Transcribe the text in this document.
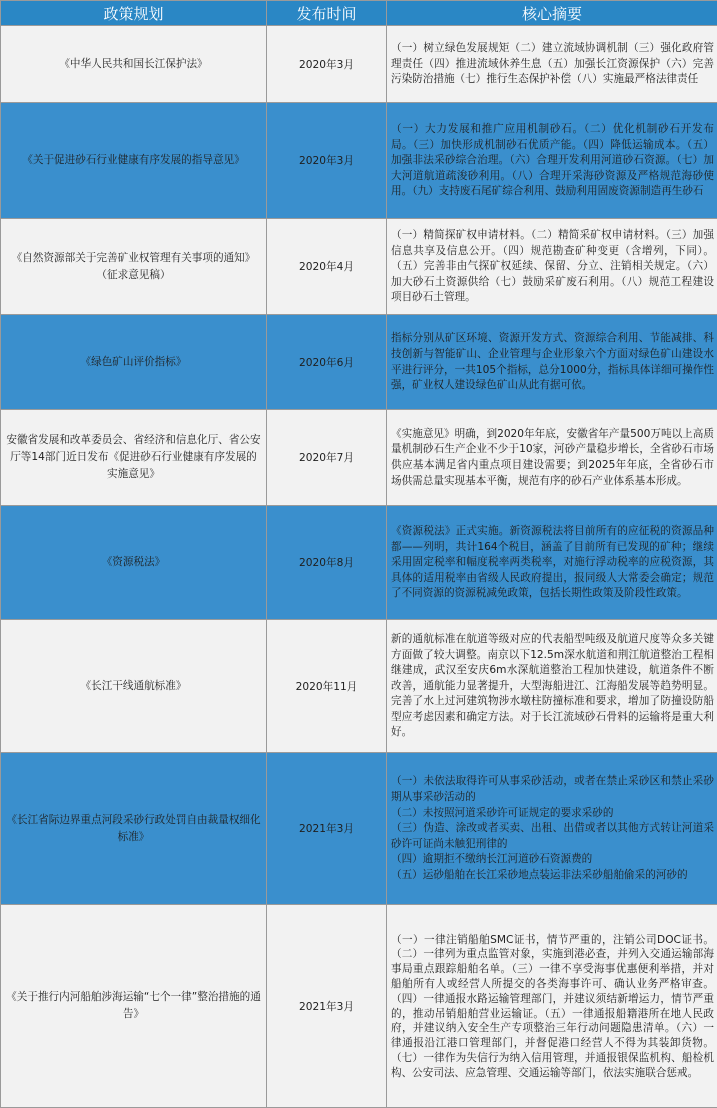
政策规划	发布时间	核心摘要
《中华人民共和国长江保护法》	2020年3月	（一）树立绿色发展规矩（二）建立流域协调机制（三）强化政府管理责任（四）推进流域休养生息（五）加强长江资源保护（六）完善污染防治措施（七）推行生态保护补偿（八）实施最严格法律责任
《关于促进砂石行业健康有序发展的指导意见》	2020年3月	（一）大力发展和推广应用机制砂石。（二）优化机制砂石开发布局。（三）加快形成机制砂石优质产能。（四）降低运输成本。（五）加强非法采砂综合治理。（六）合理开发利用河道砂石资源。（七）加大河道航道疏浚砂利用。（八）合理开采海砂资源及严格规范海砂使用。（九）支持废石尾矿综合利用、鼓励利用固废资源制造再生砂石
《自然资源部关于完善矿业权管理有关事项的通知》（征求意见稿）	2020年4月	（一）精简探矿权申请材料。（二）精简采矿权申请材料。（三）加强信息共享及信息公开。（四）规范勘查矿种变更（含增列，下同）。（五）完善非由气探矿权延续、保留、分立、注销相关规定。（六）加大砂石土资源供给（七）鼓励采矿废石利用。（八）规范工程建设项目砂石土管理。
《绿色矿山评价指标》	2020年6月	指标分别从矿区环境、资源开发方式、资源综合利用、节能减排、科技创新与智能矿山、企业管理与企业形象六个方面对绿色矿山建设水平进行评分，一共105个指标，总分1000分，指标具体详细可操作性强，矿业权人建设绿色矿山从此有据可依。
安徽省发展和改革委员会、省经济和信息化厅、省公安厅等14部门近日发布《促进砂石行业健康有序发展的实施意见》	2020年7月	《实施意见》明确，到2020年年底，安徽省年产量500万吨以上高质量机制砂石生产企业不少于10家，河砂产量稳步增长，全省砂石市场供应基本满足省内重点项目建设需要；到2025年年底，全省砂石市场供需总量实现基本平衡，规范有序的砂石产业体系基本形成。
《资源税法》	2020年8月	《资源税法》正式实施。新资源税法将目前所有的应征税的资源品种都——列明，共计164个税目，涵盖了目前所有已发现的矿种；继续采用固定税率和幅度税率两类税率，对施行浮动税率的应税资源，其具体的适用税率由省级人民政府提出，报同级人大常委会确定；规范了不同资源的资源税减免政策，包括长期性政策及阶段性政策。
《长江干线通航标准》	2020年11月	新的通航标准在航道等级对应的代表船型吨级及航道尺度等众多关键方面做了较大调整。南京以下12.5m深水航道和荆江航道整治工程相继建成，武汉至安庆6m水深航道整治工程加快建设，航道条件不断改善，通航能力显著提升，大型海船进江、江海船发展等趋势明显。完善了水上过河建筑物涉水墩柱防撞标准和要求，增加了防撞设防船型应考虑因素和确定方法。对于长江流域砂石骨料的运输将是重大利好。
《长江省际边界重点河段采砂行政处罚自由裁量权细化标准》	2021年3月	（一）未依法取得许可从事采砂活动，或者在禁止采砂区和禁止采砂期从事采砂活动的
（二）未按照河道采砂许可证规定的要求采砂的
（三）伪造、涂改或者买卖、出租、出借或者以其他方式转让河道采砂许可证尚未触犯刑律的
（四）逾期拒不缴纳长江河道砂石资源费的
（五）运砂船舶在长江采砂地点装运非法采砂船舶偷采的河砂的

《关于推行内河船舶涉海运输“七个一律”整治措施的通告》	2021年3月	（一）一律注销船舶SMC证书，情节严重的，注销公司DOC证书。（二）一律列为重点监管对象，实施到港必查，并列入交通运输部海事局重点跟踪船舶名单。（三）一律不享受海事优惠便利举措，并对船舶所有人或经营人所提交的各类海事许可、确认业务严格审查。（四）一律通报水路运输管理部门，并建议须结新增运力，情节严重的，推动吊销船舶营业运输证。（五）一律通报船籍港所在地人民政府，并建议纳入安全生产专项整治三年行动问题隐患清单。（六）一律通报沿江港口管理部门，并督促港口经营人不得为其装卸货物。（七）一律作为失信行为纳入信用管理，并通报银保监机构、船检机构、公安司法、应急管理、交通运输等部门，依法实施联合惩戒。
